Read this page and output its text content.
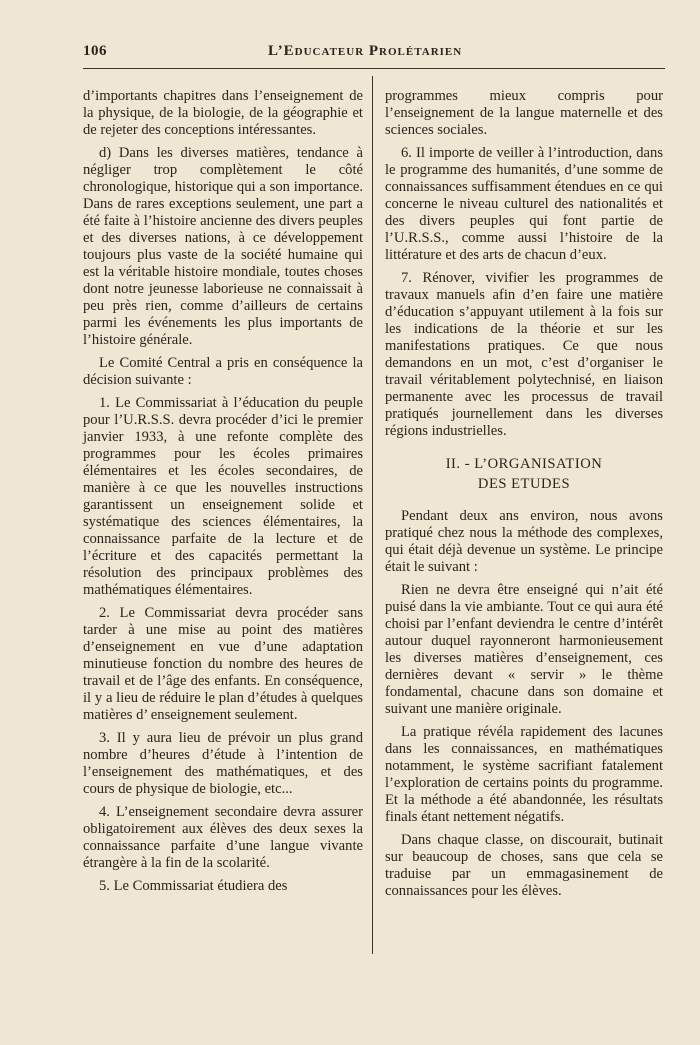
106	L’Educateur Prolétarien

d’importants chapitres dans l’enseignement de la physique, de la biologie, de la géographie et de rejeter des conceptions intéressantes.

d) Dans les diverses matières, tendance à négliger trop complètement le côté chronologique, historique qui a son importance. Dans de rares exceptions seulement, une part a été faite à l’histoire ancienne des divers peuples et des diverses nations, à ce développement toujours plus vaste de la société humaine qui est la véritable histoire mondiale, toutes choses dont notre jeunesse laborieuse ne connaissait à peu près rien, comme d’ailleurs de certains parmi les événements les plus importants de l’histoire générale.

Le Comité Central a pris en conséquence la décision suivante :

1. Le Commissariat à l’éducation du peuple pour l’U.R.S.S. devra procéder d’ici le premier janvier 1933, à une refonte complète des programmes pour les écoles primaires élémentaires et les écoles secondaires, de manière à ce que les nouvelles instructions garantissent un enseignement solide et systématique des sciences élémentaires, la connaissance parfaite de la lecture et de l’écriture et des capacités permettant la résolution des principaux problèmes des mathématiques élémentaires.

2. Le Commissariat devra procéder sans tarder à une mise au point des matières d’enseignement en vue d’une adaptation minutieuse fonction du nombre des heures de travail et de l’âge des enfants. En conséquence, il y a lieu de réduire le plan d’études à quelques matières d’ enseignement seulement.

3. Il y aura lieu de prévoir un plus grand nombre d’heures d’étude à l’intention de l’enseignement des mathématiques, et des cours de physique de biologie, etc...

4. L’enseignement secondaire devra assurer obligatoirement aux élèves des deux sexes la connaissance parfaite d’une langue vivante étrangère à la fin de la scolarité.

5. Le Commissariat étudiera des

programmes mieux compris pour l’enseignement de la langue maternelle et des sciences sociales.

6. Il importe de veiller à l’introduction, dans le programme des humanités, d’une somme de connaissances suffisamment étendues en ce qui concerne le niveau culturel des nationalités et des divers peuples qui font partie de l’U.R.S.S., comme aussi l’histoire de la littérature et des arts de chacun d’eux.

7. Rénover, vivifier les programmes de travaux manuels afin d’en faire une matière d’éducation s’appuyant utilement à la fois sur les indications de la théorie et sur les manifestations pratiques. Ce que nous demandons en un mot, c’est d’organiser le travail véritablement polytechnisé, en liaison permanente avec les processus de travail pratiqués journellement dans les diverses régions industrielles.

II. - L’ORGANISATION
DES ETUDES

Pendant deux ans environ, nous avons pratiqué chez nous la méthode des complexes, qui était déjà devenue un système. Le principe était le suivant :

Rien ne devra être enseigné qui n’ait été puisé dans la vie ambiante. Tout ce qui aura été choisi par l’enfant deviendra le centre d’intérêt autour duquel rayonneront harmonieusement les diverses matières d’enseignement, ces dernières devant « servir » le thème fondamental, chacune dans son domaine et suivant une manière originale.

La pratique révéla rapidement des lacunes dans les connaissances, en mathématiques notamment, le système sacrifiant fatalement l’exploration de certains points du programme. Et la méthode a été abandonnée, les résultats finals étant nettement négatifs.

Dans chaque classe, on discourait, butinait sur beaucoup de choses, sans que cela se traduise par un emmagasinement de connaissances pour les élèves.
